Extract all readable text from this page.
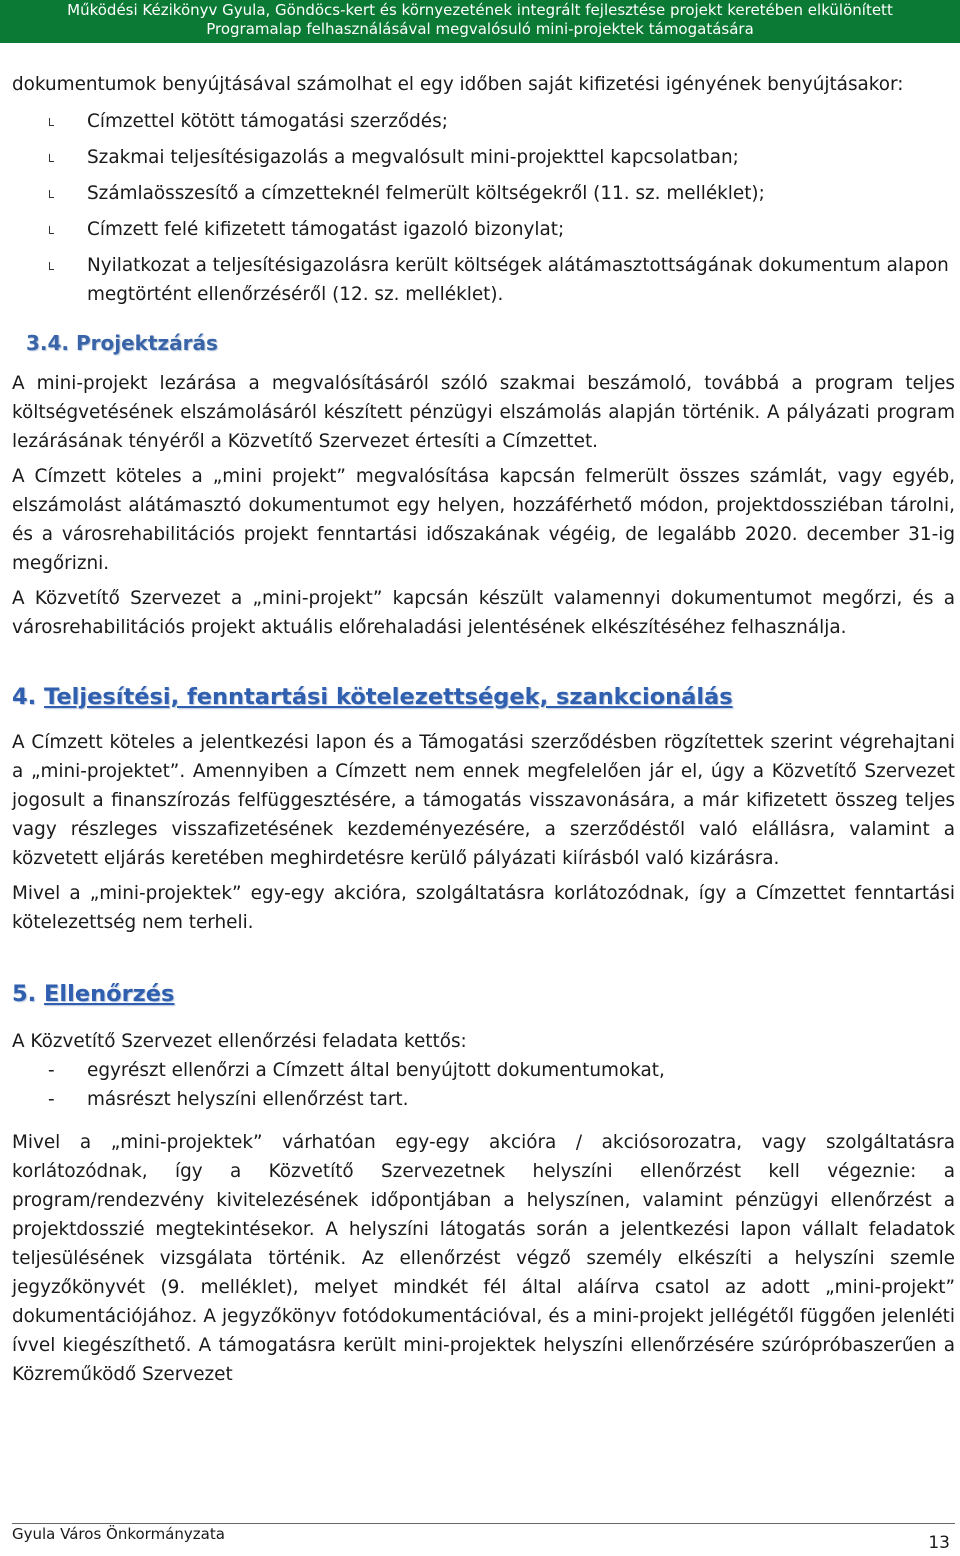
Működési Kézikönyv Gyula, Göndöcs-kert és környezetének integrált fejlesztése projekt keretében elkülönített
Programalap felhasználásával megvalósuló mini-projektek támogatására

dokumentumok benyújtásával számolhat el egy időben saját kifizetési igényének benyújtásakor:

Címzettel kötött támogatási szerződés;
Szakmai teljesítésigazolás a megvalósult mini-projekttel kapcsolatban;
Számlaösszesítő a címzetteknél felmerült költségekről (11. sz. melléklet);
Címzett felé kifizetett támogatást igazoló bizonylat;
Nyilatkozat a teljesítésigazolásra került költségek alátámasztottságának dokumentum alapon megtörtént ellenőrzéséről (12. sz. melléklet).
3.4. Projektzárás

A mini-projekt lezárása a megvalósításáról szóló szakmai beszámoló, továbbá a program teljes költségvetésének elszámolásáról készített pénzügyi elszámolás alapján történik. A pályázati program lezárásának tényéről a Közvetítő Szervezet értesíti a Címzettet.

A Címzett köteles a „mini projekt” megvalósítása kapcsán felmerült összes számlát, vagy egyéb, elszámolást alátámasztó dokumentumot egy helyen, hozzáférhető módon, projektdossziéban tárolni, és a városrehabilitációs projekt fenntartási időszakának végéig, de legalább 2020. december 31-ig megőrizni.

A Közvetítő Szervezet a „mini-projekt” kapcsán készült valamennyi dokumentumot megőrzi, és a városrehabilitációs projekt aktuális előrehaladási jelentésének elkészítéséhez felhasználja.

4. Teljesítési, fenntartási kötelezettségek, szankcionálás

A Címzett köteles a jelentkezési lapon és a Támogatási szerződésben rögzítettek szerint végrehajtani a „mini-projektet”. Amennyiben a Címzett nem ennek megfelelően jár el, úgy a Közvetítő Szervezet jogosult a finanszírozás felfüggesztésére, a támogatás visszavonására, a már kifizetett összeg teljes vagy részleges visszafizetésének kezdeményezésére, a szerződéstől való elállásra, valamint a közvetett eljárás keretében meghirdetésre kerülő pályázati kiírásból való kizárásra.

Mivel a „mini-projektek” egy-egy akcióra, szolgáltatásra korlátozódnak, így a Címzettet fenntartási kötelezettség nem terheli.

5. Ellenőrzés

A Közvetítő Szervezet ellenőrzési feladata kettős:

- egyrészt ellenőrzi a Címzett által benyújtott dokumentumokat,
- másrészt helyszíni ellenőrzést tart.

Mivel a „mini-projektek” várhatóan egy-egy akcióra / akciósorozatra, vagy szolgáltatásra korlátozódnak, így a Közvetítő Szervezetnek helyszíni ellenőrzést kell végeznie: a program/rendezvény kivitelezésének időpontjában a helyszínen, valamint pénzügyi ellenőrzést a projektdosszié megtekintésekor. A helyszíni látogatás során a jelentkezési lapon vállalt feladatok teljesülésének vizsgálata történik. Az ellenőrzést végző személy elkészíti a helyszíni szemle jegyzőkönyvét (9. melléklet), melyet mindkét fél által aláírva csatol az adott „mini-projekt” dokumentációjához. A jegyzőkönyv fotódokumentációval, és a mini-projekt jellégétől függően jelenléti ívvel kiegészíthető. A támogatásra került mini-projektek helyszíni ellenőrzésére szúrópróbaszerűen a Közreműködő Szervezet

Gyula Város Önkormányzata	13
